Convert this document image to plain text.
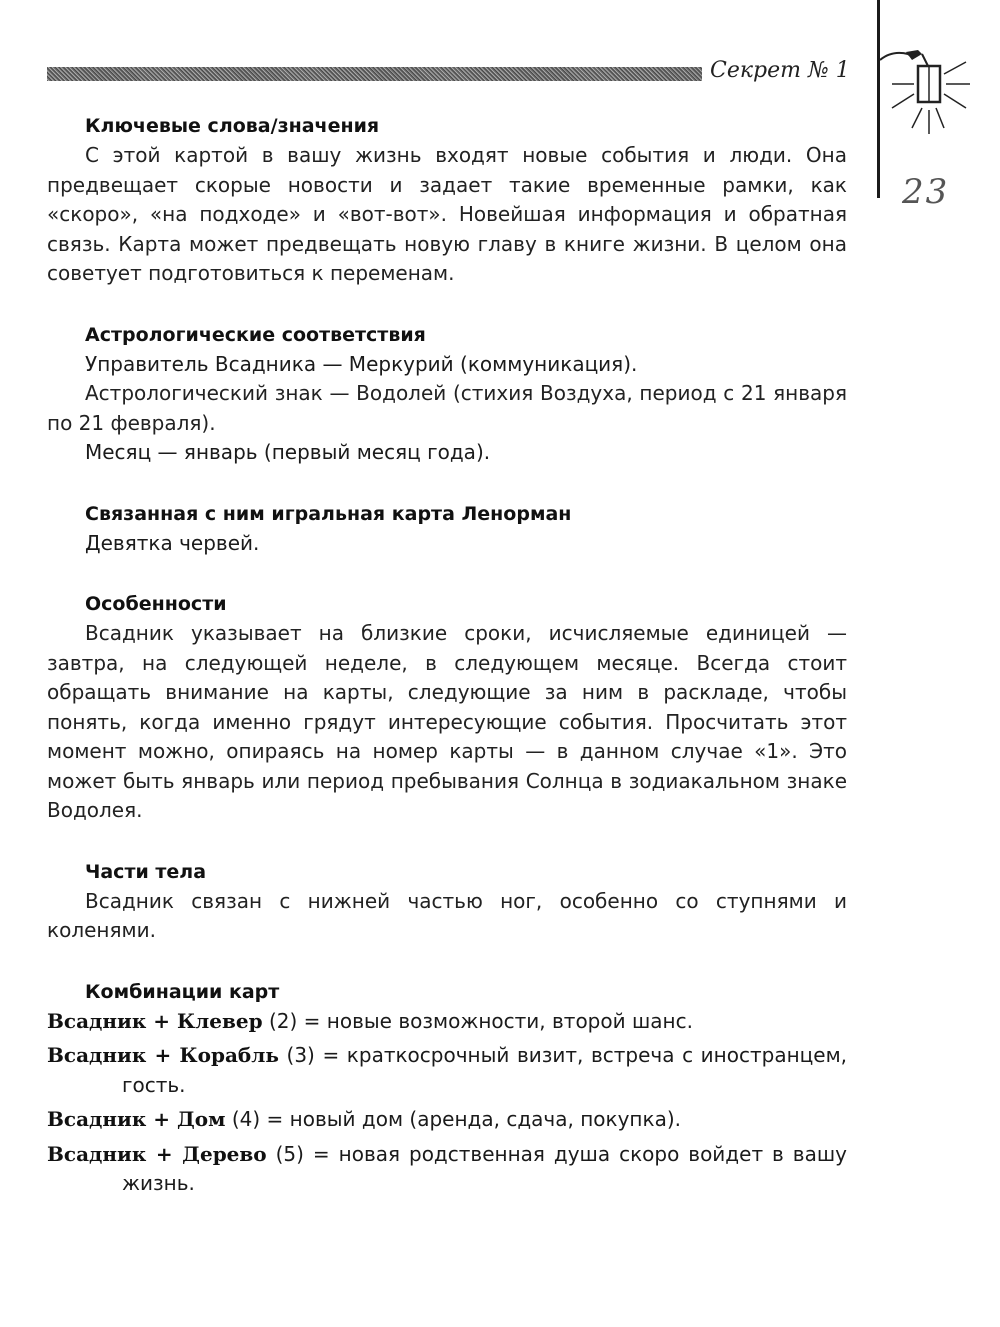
Секрет № 1
23
Ключевые слова/значения

С этой картой в вашу жизнь входят новые события и люди. Она предвещает скорые новости и задает такие временные рамки, как «скоро», «на подходе» и «вот-вот». Новейшая информация и обратная связь. Карта может предвещать новую главу в книге жизни. В целом она советует подготовиться к переменам.

Астрологические соответствия
Управитель Всадника — Меркурий (коммуникация).

Астрологический знак — Водолей (стихия Воздуха, период с 21 января по 21 февраля).

Месяц — январь (первый месяц года).
Связанная с ним игральная карта Ленорман
Девятка червей.
Особенности

Всадник указывает на близкие сроки, исчисляемые единицей — завтра, на следующей неделе, в следующем месяце. Всегда стоит обращать внимание на карты, следующие за ним в раскладе, чтобы понять, когда именно грядут интересующие события. Просчитать этот момент можно, опираясь на номер карты — в данном случае «1». Это может быть январь или период пребывания Солнца в зодиакальном знаке Водолея.

Части тела

Всадник связан с нижней частью ног, особенно со ступнями и коленями.

Комбинации карт

Всадник + Клевер (2) = новые возможности, второй шанс.

Всадник + Корабль (3) = краткосрочный визит, встреча с иностранцем, гость.

Всадник + Дом (4) = новый дом (аренда, сдача, покупка).

Всадник + Дерево (5) = новая родственная душа скоро войдет в вашу жизнь.
